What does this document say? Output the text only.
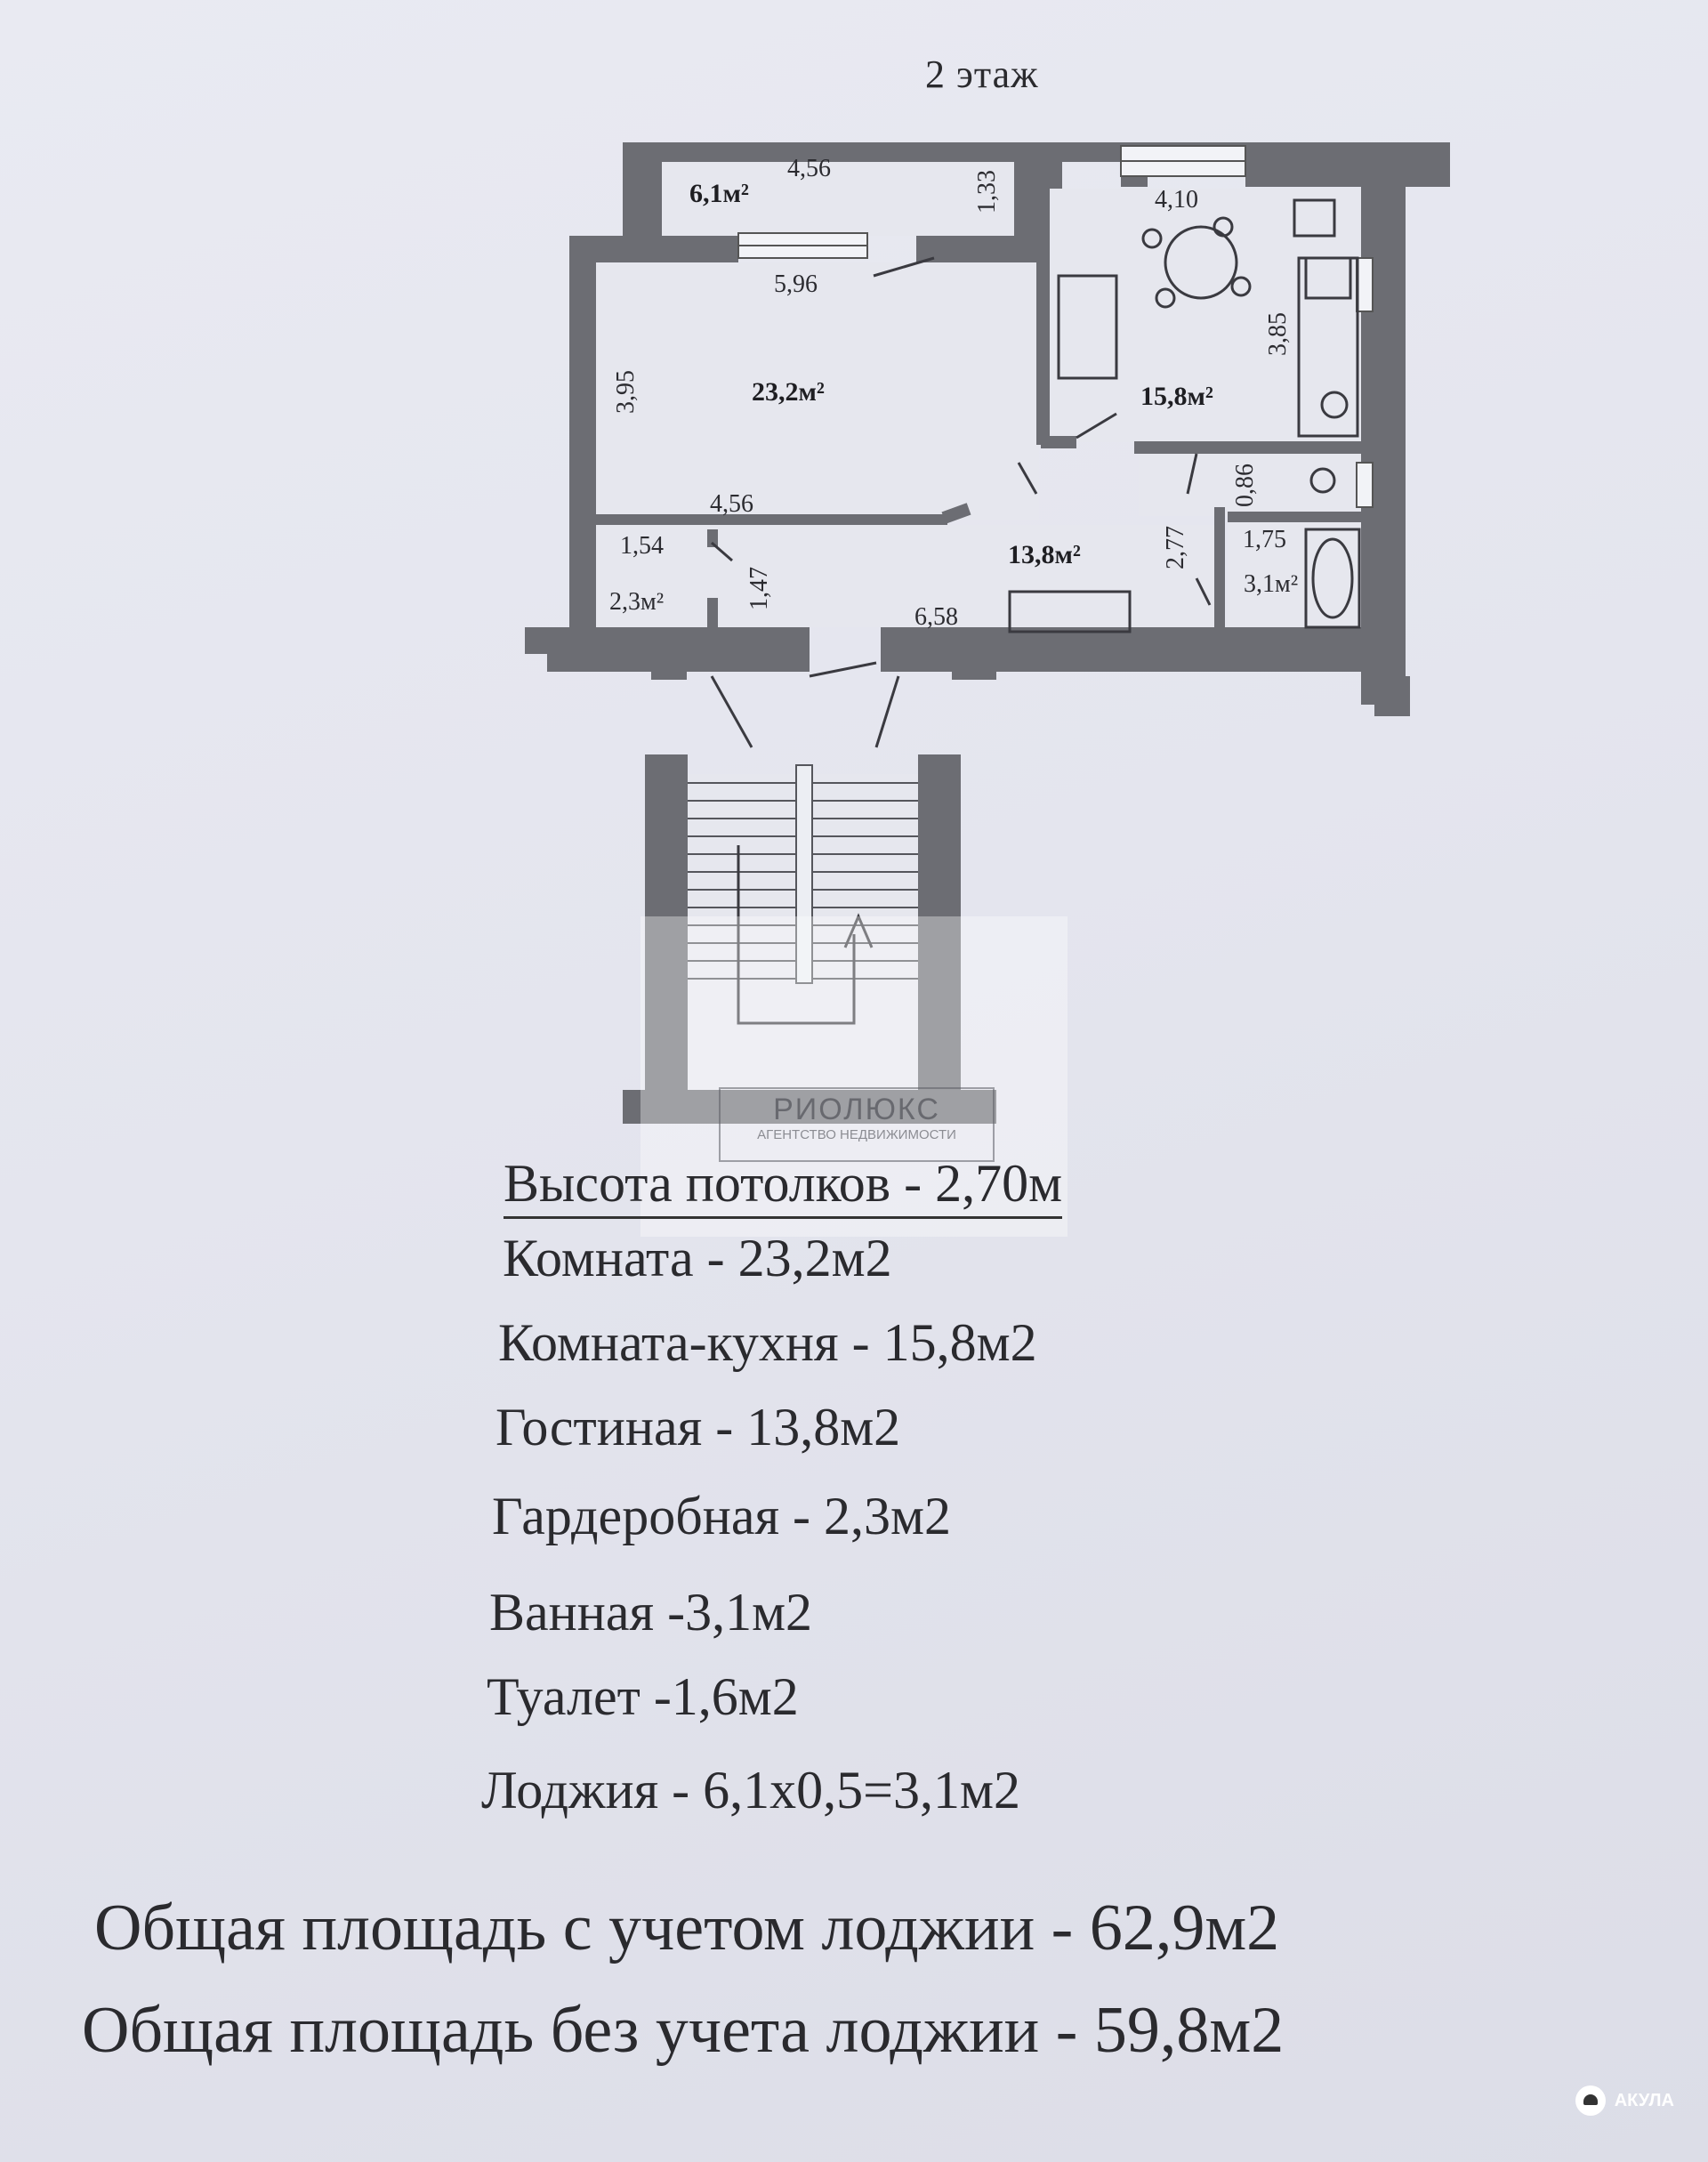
2 этаж
6,1м²
23,2м²	15,8м²
13,8м²
2,3м²
3,1м²
4,56
1,33
5,96
3,95
4,56
4,10
3,85
0,86
1,75
2,77
1,54
1,47
6,58
РИОЛЮКС
АГЕНТСТВО НЕДВИЖИМОСТИ
Высота потолков - 2,70м
Комната - 23,2м2
Комната-кухня - 15,8м2
Гостиная - 13,8м2
Гардеробная - 2,3м2
Ванная -3,1м2
Туалет -1,6м2
Лоджия - 6,1х0,5=3,1м2
Общая площадь с учетом лоджии - 62,9м2
Общая площадь без учета лоджии - 59,8м2
АКУЛА
